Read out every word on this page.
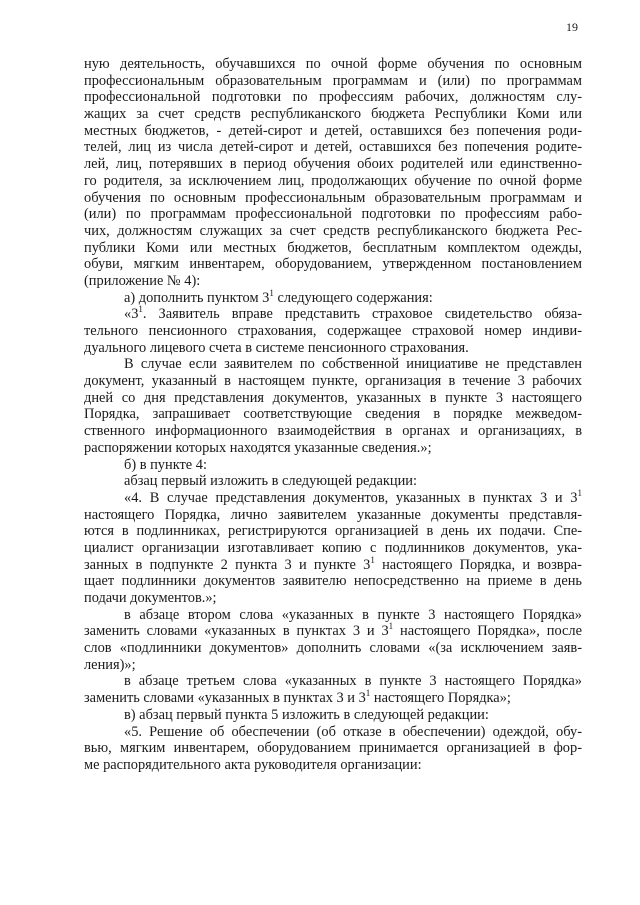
19
ную деятельность, обучавшихся по очной форме обучения по основным
профессиональным образовательным программам и (или) по программам
профессиональной подготовки по профессиям рабочих, должностям слу-
жащих за счет средств республиканского бюджета Республики Коми или
местных бюджетов, - детей-сирот и детей, оставшихся без попечения роди-
телей, лиц из числа детей-сирот и детей, оставшихся без попечения родите-
лей, лиц, потерявших в период обучения обоих родителей или единственно-
го родителя, за исключением лиц, продолжающих обучение по очной форме
обучения по основным профессиональным образовательным программам и
(или) по программам профессиональной подготовки по профессиям рабо-
чих, должностям служащих за счет средств республиканского бюджета Рес-
публики Коми или местных бюджетов, бесплатным комплектом одежды,
обуви, мягким инвентарем, оборудованием, утвержденном постановлением
(приложение № 4):
а) дополнить пунктом $3^1$ следующего содержания:
«$3^1$. Заявитель вправе представить страховое свидетельство обяза-
тельного пенсионного страхования, содержащее страховой номер индиви-
дуального лицевого счета в системе пенсионного страхования.
В случае если заявителем по собственной инициативе не представлен
документ, указанный в настоящем пункте, организация в течение 3 рабочих
дней со дня представления документов, указанных в пункте 3 настоящего
Порядка, запрашивает соответствующие сведения в порядке межведом-
ственного информационного взаимодействия в органах и организациях, в
распоряжении которых находятся указанные сведения.»;
б) в пункте 4:
абзац первый изложить в следующей редакции:
«4. В случае представления документов, указанных в пунктах 3 и $3^1$
настоящего Порядка, лично заявителем указанные документы представля-
ются в подлинниках, регистрируются организацией в день их подачи. Спе-
циалист организации изготавливает копию с подлинников документов, ука-
занных в подпункте 2 пункта 3 и пункте $3^1$ настоящего Порядка, и возвра-
щает подлинники документов заявителю непосредственно на приеме в день
подачи документов.»;
в абзаце втором слова «указанных в пункте 3 настоящего Порядка»
заменить словами «указанных в пунктах 3 и $3^1$ настоящего Порядка», после
слов «подлинники документов» дополнить словами «(за исключением заяв-
ления)»;
в абзаце третьем слова «указанных в пункте 3 настоящего Порядка»
заменить словами «указанных в пунктах 3 и $3^1$ настоящего Порядка»;
в) абзац первый пункта 5 изложить в следующей редакции:
«5. Решение об обеспечении (об отказе в обеспечении) одеждой, обу-
вью, мягким инвентарем, оборудованием принимается организацией в фор-
ме распорядительного акта руководителя организации:
